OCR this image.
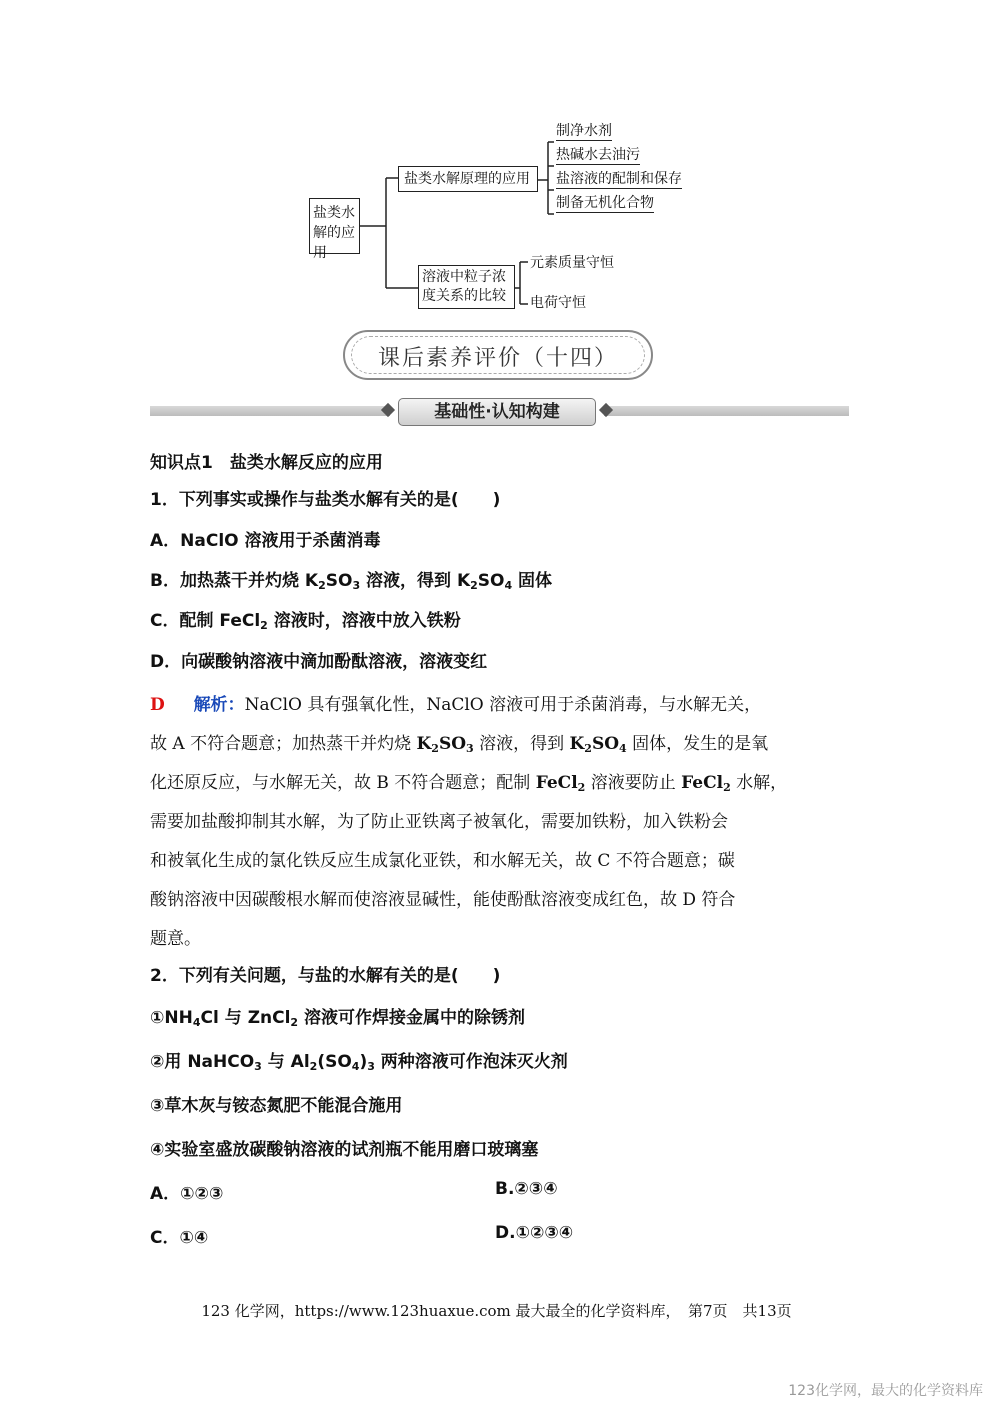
盐类水解的应用
盐类水解原理的应用
溶液中粒子浓度关系的比较
制净水剂
热碱水去油污
盐溶液的配制和保存
制备无机化合物
元素质量守恒
电荷守恒
课后素养评价（十四）
基础性·认知构建
知识点1　盐类水解反应的应用
1．下列事实或操作与盐类水解有关的是(　　)
A．NaClO 溶液用于杀菌消毒
B．加热蒸干并灼烧 $K_2SO_3$ 溶液，得到 $K_2SO_4$ 固体
C．配制 FeCl$_2$ 溶液时，溶液中放入铁粉
D．向碳酸钠溶液中滴加酚酞溶液，溶液变红
D 解析：NaClO 具有强氧化性，NaClO 溶液可用于杀菌消毒，与水解无关，
故 A 不符合题意；加热蒸干并灼烧 $K_2SO_3$ 溶液，得到 $K_2SO_4$ 固体，发生的是氧
化还原反应，与水解无关，故 B 不符合题意；配制 FeCl$_2$ 溶液要防止 FeCl$_2$ 水解，
需要加盐酸抑制其水解，为了防止亚铁离子被氧化，需要加铁粉，加入铁粉会
和被氧化生成的氯化铁反应生成氯化亚铁，和水解无关，故 C 不符合题意；碳
酸钠溶液中因碳酸根水解而使溶液显碱性，能使酚酞溶液变成红色，故 D 符合
题意。
2．下列有关问题，与盐的水解有关的是(　　)
$①NH_4Cl$ 与 ZnCl$_2$ 溶液可作焊接金属中的除锈剂
②用 NaHCO$_3$ 与 $Al_2(SO_4)_3$ 两种溶液可作泡沫灭火剂
③草木灰与铵态氮肥不能混合施用
④实验室盛放碳酸钠溶液的试剂瓶不能用磨口玻璃塞
A．①②③	B.②③④
C．①④	D.①②③④
123 化学网，https://www.123huaxue.com 最大最全的化学资料库，　第7页　共13页
123化学网，最大的化学资料库
